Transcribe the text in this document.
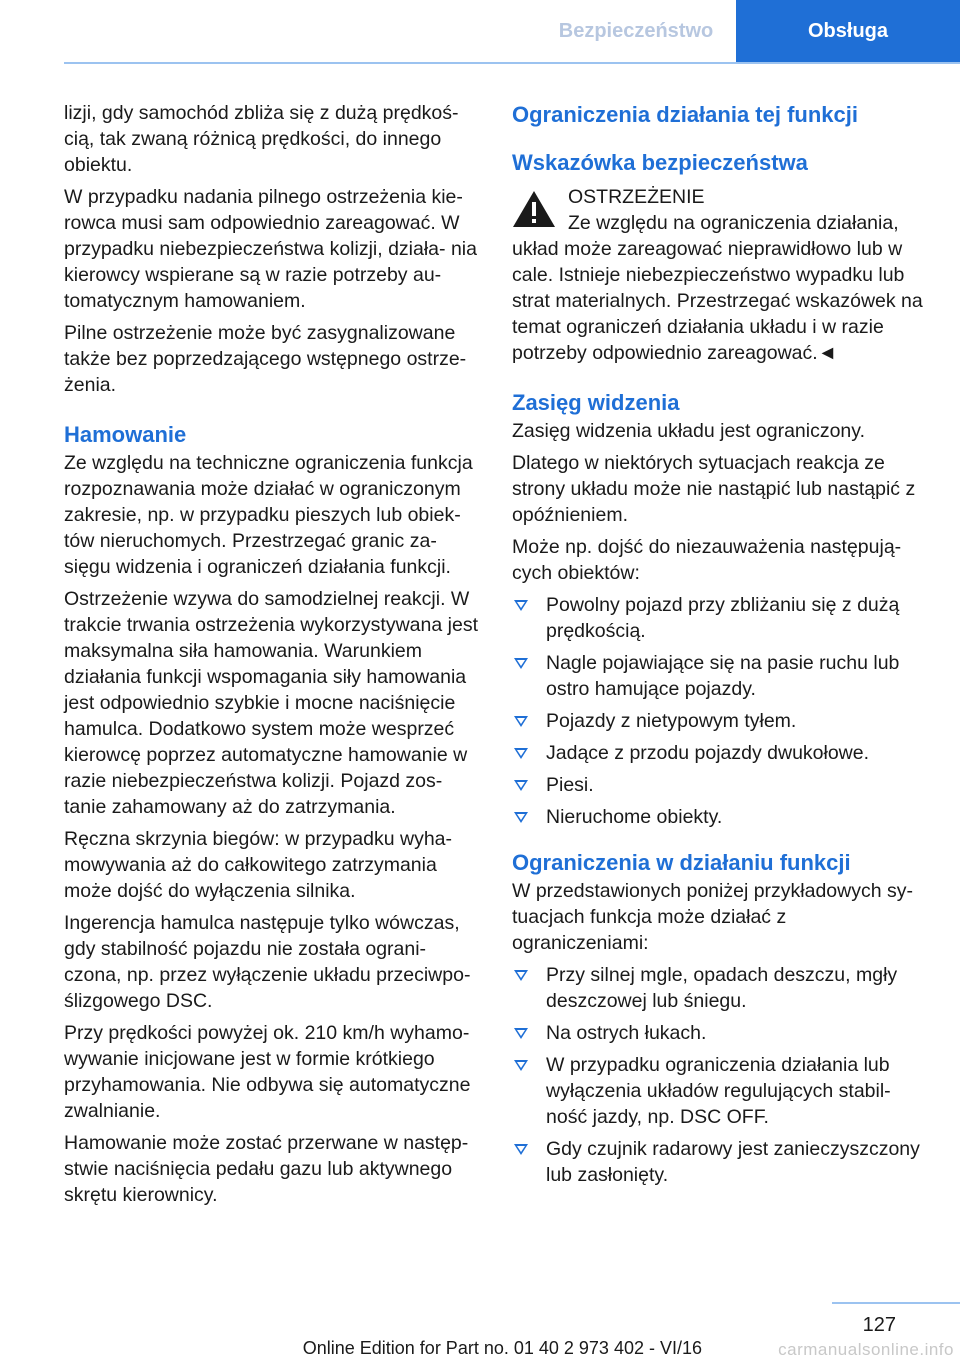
Bezpieczeństwo	Obsługa

lizji, gdy samochód zbliża się z dużą prędkoś‐ cią, tak zwaną różnicą prędkości, do innego obiektu.

W przypadku nadania pilnego ostrzeżenia kie‐ rowca musi sam odpowiednio zareagować. W przypadku niebezpieczeństwa kolizji, działa‐ nia kierowcy wspierane są w razie potrzeby au‐ tomatycznym hamowaniem.

Pilne ostrzeżenie może być zasygnalizowane także bez poprzedzającego wstępnego ostrze‐ żenia.

Hamowanie

Ze względu na techniczne ograniczenia funkcja rozpoznawania może działać w ograniczonym zakresie, np. w przypadku pieszych lub obiek‐ tów nieruchomych. Przestrzegać granic za‐ sięgu widzenia i ograniczeń działania funkcji.

Ostrzeżenie wzywa do samodzielnej reakcji. W trakcie trwania ostrzeżenia wykorzystywana jest maksymalna siła hamowania. Warunkiem działania funkcji wspomagania siły hamowania jest odpowiednio szybkie i mocne naciśnięcie hamulca. Dodatkowo system może wesprzeć kierowcę poprzez automatyczne hamowanie w razie niebezpieczeństwa kolizji. Pojazd zos‐ tanie zahamowany aż do zatrzymania.

Ręczna skrzynia biegów: w przypadku wyha‐ mowywania aż do całkowitego zatrzymania może dojść do wyłączenia silnika.

Ingerencja hamulca następuje tylko wówczas, gdy stabilność pojazdu nie została ograni‐ czona, np. przez wyłączenie układu przeciwpo‐ ślizgowego DSC.

Przy prędkości powyżej ok. 210 km/h wyhamo‐ wywanie inicjowane jest w formie krótkiego przyhamowania. Nie odbywa się automatyczne zwalnianie.

Hamowanie może zostać przerwane w następ‐ stwie naciśnięcia pedału gazu lub aktywnego skrętu kierownicy.

Ograniczenia działania tej funkcji
Wskazówka bezpieczeństwa

OSTRZEŻENIE

Ze względu na ograniczenia działania,

układ może zareagować nieprawidłowo lub w cale. Istnieje niebezpieczeństwo wypadku lub strat materialnych. Przestrzegać wskazówek na temat ograniczeń działania układu i w razie potrzeby odpowiednio zareagować.◄

Zasięg widzenia

Zasięg widzenia układu jest ograniczony.

Dlatego w niektórych sytuacjach reakcja ze strony układu może nie nastąpić lub nastąpić z opóźnieniem.

Może np. dojść do niezauważenia następują‐ cych obiektów:

Powolny pojazd przy zbliżaniu się z dużą prędkością.
Nagle pojawiające się na pasie ruchu lub ostro hamujące pojazdy.
Pojazdy z nietypowym tyłem.
Jadące z przodu pojazdy dwukołowe.
Piesi.
Nieruchome obiekty.
Ograniczenia w działaniu funkcji

W przedstawionych poniżej przykładowych sy‐ tuacjach funkcja może działać z ograniczeniami:

Przy silnej mgle, opadach deszczu, mgły deszczowej lub śniegu.
Na ostrych łukach.
W przypadku ograniczenia działania lub wyłączenia układów regulujących stabil‐ ność jazdy, np. DSC OFF.
Gdy czujnik radarowy jest zanieczyszczony lub zasłonięty.
127
Online Edition for Part no. 01 40 2 973 402 - VI/16	carmanualsonline.info
